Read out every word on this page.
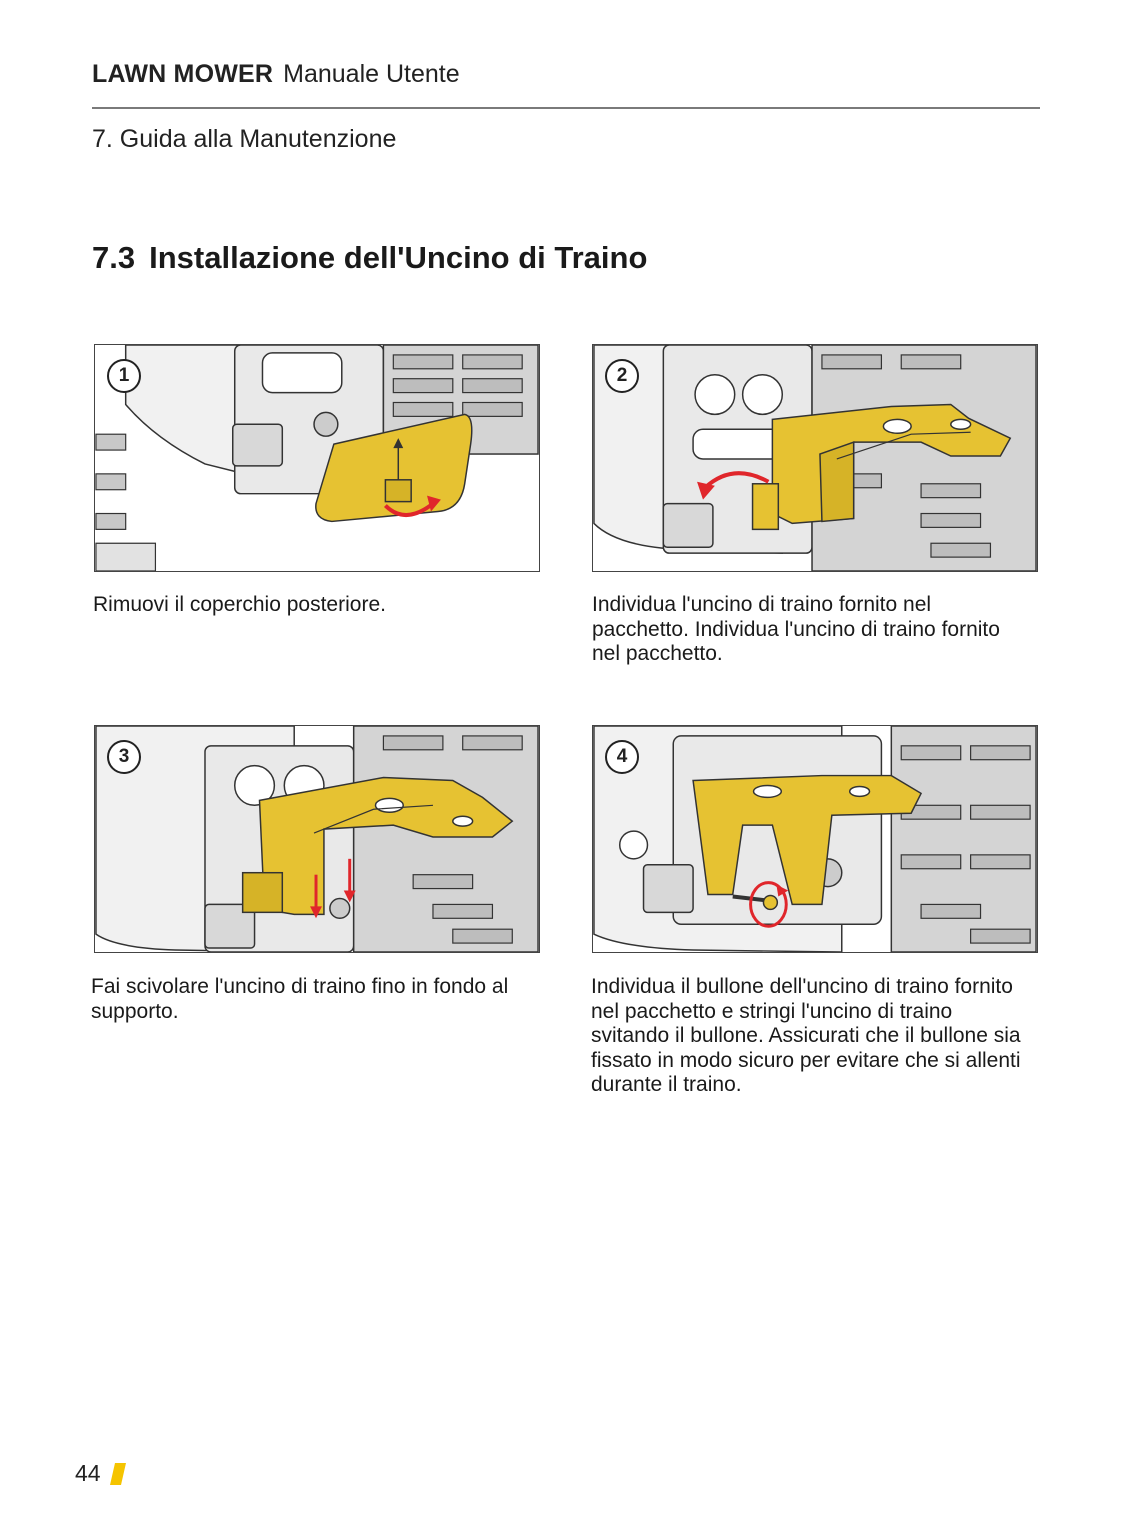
LAWN MOWER Manuale Utente
7. Guida alla Manutenzione
7.3 Installazione dell'Uncino di Traino
1
Rimuovi il coperchio posteriore.
2
Individua l'uncino di traino fornito nel pacchetto. Individua l'uncino di traino fornito nel pacchetto.
3
Fai scivolare l'uncino di traino fino in fondo al supporto.
4
Individua il bullone dell'uncino di traino fornito nel pacchetto e stringi l'uncino di traino svitando il bullone. Assicurati che il bullone sia fissato in modo sicuro per evitare che si allenti durante il traino.
44
